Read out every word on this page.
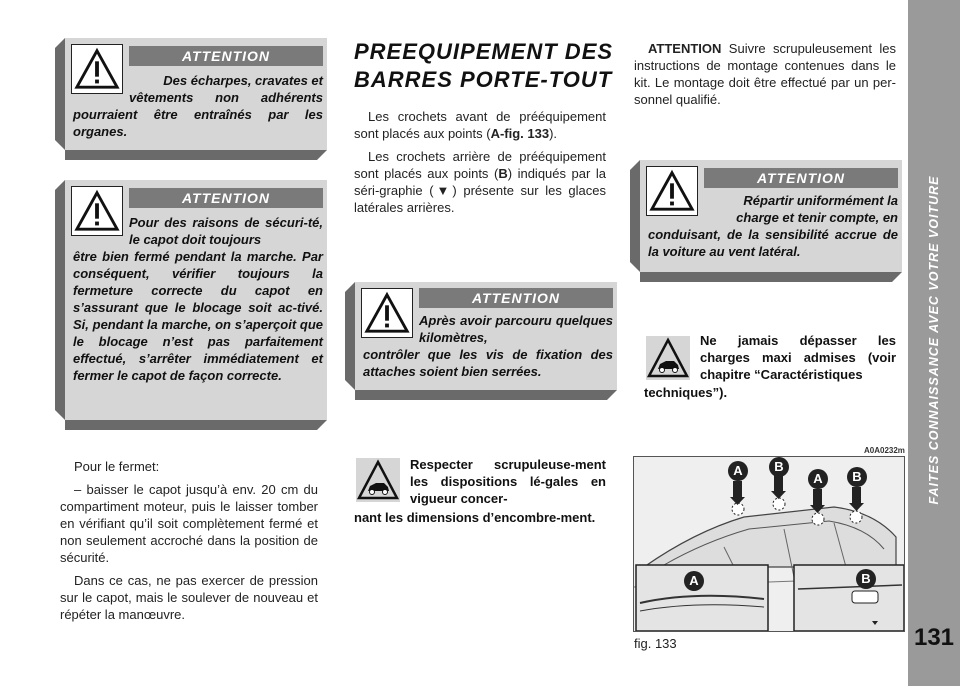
FAITES CONNAISSANCE AVEC VOTRE VOITURE
131
ATTENTION
Des écharpes, cravates et
vêtements non adhérents pourraient être entraînés par les organes.
ATTENTION
Pour des raisons de sécuri-té, le capot doit toujours
être bien fermé pendant la marche. Par conséquent, vérifier toujours la fermeture correcte du capot en s’assurant que le blocage soit ac-tivé. Si, pendant la marche, on s’aperçoit que le blocage n’est pas parfaitement effectué, s’arrêter immédiatement et fermer le capot de façon correcte.

Pour le fermet:

– baisser le capot jusqu’à env. 20 cm du compartiment moteur, puis le laisser tomber en vérifiant qu’il soit complètement fermé et non seulement accroché dans la position de sécurité.

Dans ce cas, ne pas exercer de pression sur le capot, mais le soulever de nouveau et répéter la manœuvre.

PREEQUIPEMENT DES
BARRES PORTE-TOUT

Les crochets avant de prééquipement sont placés aux points (A-fig. 133).

Les crochets arrière de prééquipement sont placés aux points (B) indiqués par la séri-graphie (▼) présente sur les glaces latérales arrières.

ATTENTION
Après avoir parcouru quelques kilomètres,
contrôler que les vis de fixation des attaches soient bien serrées.
Respecter scrupuleuse-ment les dispositions lé-gales en vigueur concer-
nant les dimensions d’encombre-ment.

ATTENTION Suivre scrupuleusement les instructions de montage contenues dans le kit. Le montage doit être effectué par un per-sonnel qualifié.

ATTENTION
Répartir uniformément la charge et tenir compte, en
conduisant, de la sensibilité accrue de la voiture au vent latéral.
Ne jamais dépasser les charges maxi admises (voir chapitre “Caractéristiques
techniques”).
A0A0232m
A	B
A	B
A	B
fig. 133
